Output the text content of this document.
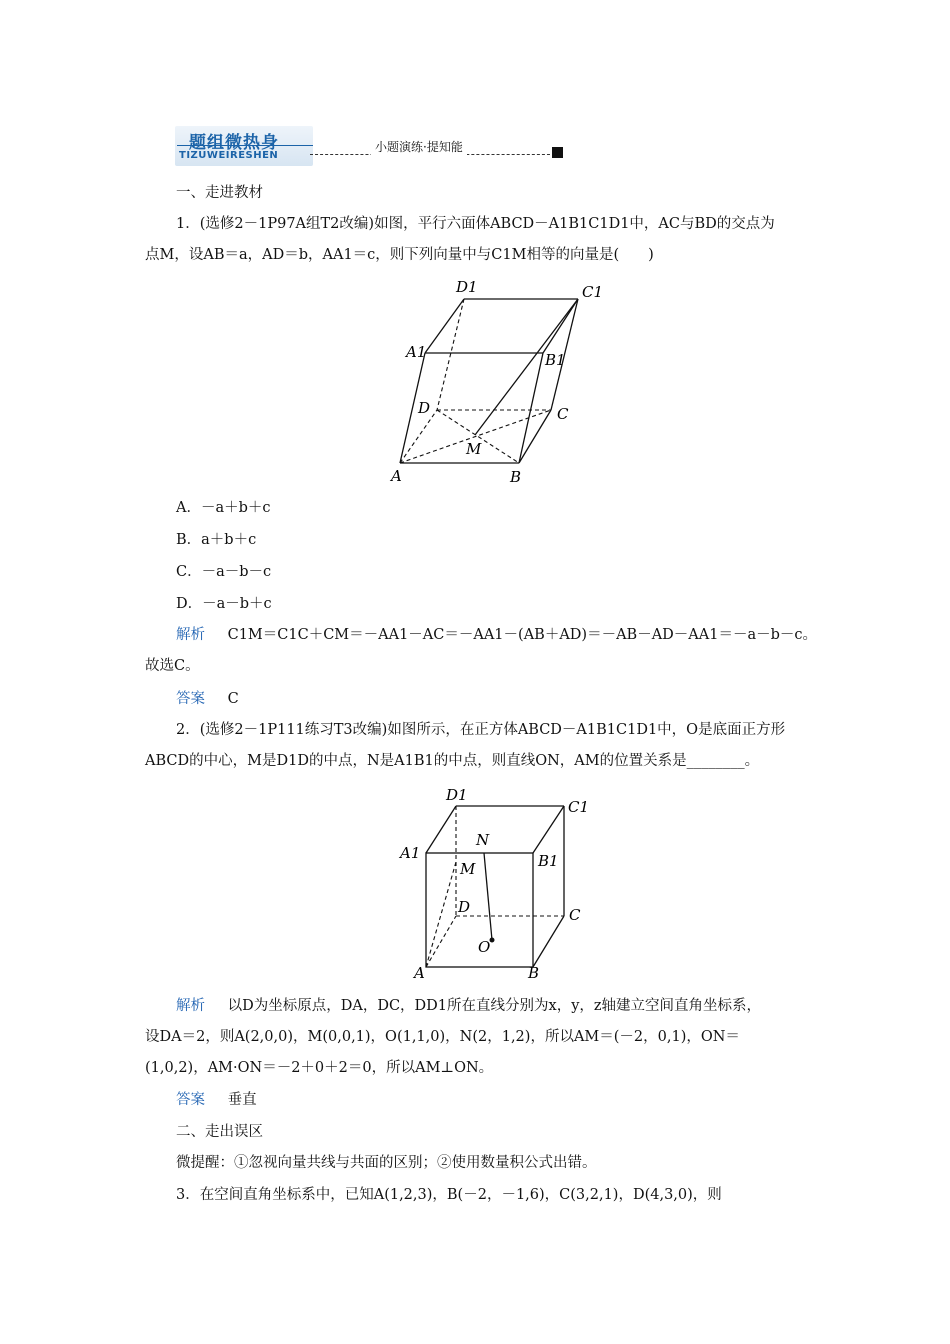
题组微热身
TIZUWEIRESHEN
小题演练·提知能
一、走进教材
1．(选修2－1P97A组T2改编)如图，平行六面体ABCD－A1B1C1D1中，AC与BD的交点为
点M，设AB＝a，AD＝b，AA1＝c，则下列向量中与C1M相等的向量是(　　)
D1	C1
A1	B1
D	C
M
A	B
A．－a＋b＋c
B．a＋b＋c
C．－a－b－c
D．－a－b＋c
解析 C1M＝C1C＋CM＝－AA1－AC＝－AA1－(AB＋AD)＝－AB－AD－AA1＝－a－b－c。
故选C。
答案 C
2．(选修2－1P111练习T3改编)如图所示，在正方体ABCD－A1B1C1D1中，O是底面正方形
ABCD的中心，M是D1D的中点，N是A1B1的中点，则直线ON，AM的位置关系是________。
D1
C1
A1	B1
N
M
D	C
O
A	B
解析 以D为坐标原点，DA，DC，DD1所在直线分别为x，y，z轴建立空间直角坐标系，
设DA＝2，则A(2,0,0)，M(0,0,1)，O(1,1,0)，N(2，1,2)，所以AM＝(－2，0,1)，ON＝
(1,0,2)，AM·ON＝－2＋0＋2＝0，所以AM⊥ON。
答案 垂直
二、走出误区
微提醒：①忽视向量共线与共面的区别；②使用数量积公式出错。
3．在空间直角坐标系中，已知A(1,2,3)，B(－2，－1,6)，C(3,2,1)，D(4,3,0)，则
